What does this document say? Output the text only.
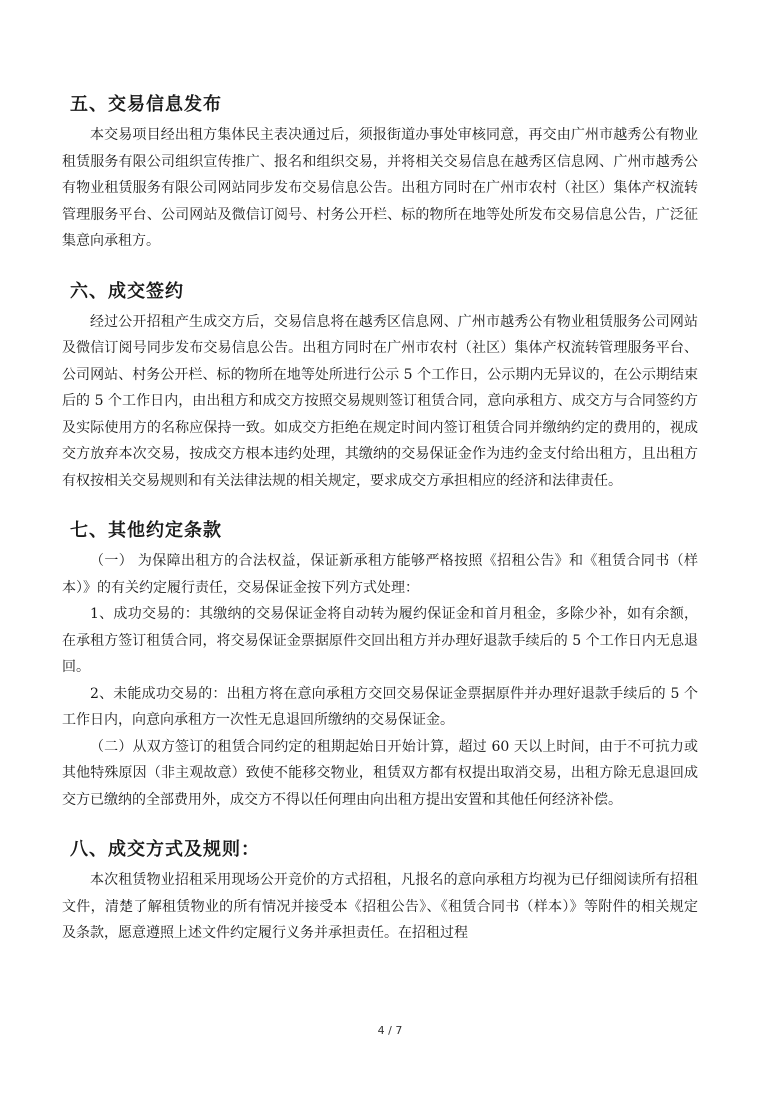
五、交易信息发布

本交易项目经出租方集体民主表决通过后，须报街道办事处审核同意，再交由广州市越秀公有物业租赁服务有限公司组织宣传推广、报名和组织交易，并将相关交易信息在越秀区信息网、广州市越秀公有物业租赁服务有限公司网站同步发布交易信息公告。出租方同时在广州市农村（社区）集体产权流转管理服务平台、公司网站及微信订阅号、村务公开栏、标的物所在地等处所发布交易信息公告，广泛征集意向承租方。

六、成交签约

经过公开招租产生成交方后，交易信息将在越秀区信息网、广州市越秀公有物业租赁服务公司网站及微信订阅号同步发布交易信息公告。出租方同时在广州市农村（社区）集体产权流转管理服务平台、公司网站、村务公开栏、标的物所在地等处所进行公示 5 个工作日，公示期内无异议的，在公示期结束后的 5 个工作日内，由出租方和成交方按照交易规则签订租赁合同，意向承租方、成交方与合同签约方及实际使用方的名称应保持一致。如成交方拒绝在规定时间内签订租赁合同并缴纳约定的费用的，视成交方放弃本次交易，按成交方根本违约处理，其缴纳的交易保证金作为违约金支付给出租方，且出租方有权按相关交易规则和有关法律法规的相关规定，要求成交方承担相应的经济和法律责任。

七、其他约定条款

（一） 为保障出租方的合法权益，保证新承租方能够严格按照《招租公告》和《租赁合同书（样本）》的有关约定履行责任，交易保证金按下列方式处理：

1、成功交易的：其缴纳的交易保证金将自动转为履约保证金和首月租金，多除少补，如有余额，在承租方签订租赁合同，将交易保证金票据原件交回出租方并办理好退款手续后的 5 个工作日内无息退回。

2、未能成功交易的：出租方将在意向承租方交回交易保证金票据原件并办理好退款手续后的 5 个工作日内，向意向承租方一次性无息退回所缴纳的交易保证金。

（二）从双方签订的租赁合同约定的租期起始日开始计算，超过 60 天以上时间，由于不可抗力或其他特殊原因（非主观故意）致使不能移交物业，租赁双方都有权提出取消交易，出租方除无息退回成交方已缴纳的全部费用外，成交方不得以任何理由向出租方提出安置和其他任何经济补偿。

八、成交方式及规则：

本次租赁物业招租采用现场公开竞价的方式招租，凡报名的意向承租方均视为已仔细阅读所有招租文件，清楚了解租赁物业的所有情况并接受本《招租公告》、《租赁合同书（样本）》等附件的相关规定及条款，愿意遵照上述文件约定履行义务并承担责任。在招租过程

4 / 7
